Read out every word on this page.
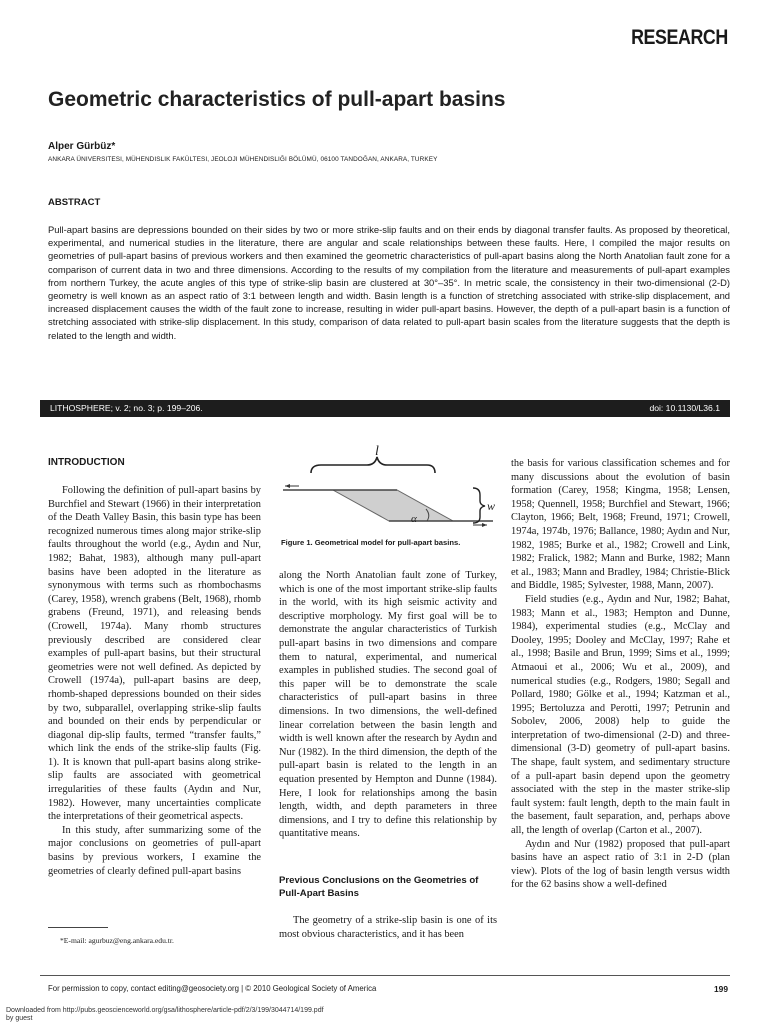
RESEARCH
Geometric characteristics of pull-apart basins
Alper Gürbüz*
ANKARA ÜNIVERSITESI, MÜHENDISLIK FAKÜLTESI, JEOLOJI MÜHENDISLIĞI BÖLÜMÜ, 06100 TANDOĞAN, ANKARA, TURKEY
ABSTRACT
Pull-apart basins are depressions bounded on their sides by two or more strike-slip faults and on their ends by diagonal transfer faults. As proposed by theoretical, experimental, and numerical studies in the literature, there are angular and scale relationships between these faults. Here, I compiled the major results on geometries of pull-apart basins of previous workers and then examined the geometric characteristics of pull-apart basins along the North Anatolian fault zone for a comparison of current data in two and three dimensions. According to the results of my compilation from the literature and measurements of pull-apart examples from northern Turkey, the acute angles of this type of strike-slip basin are clustered at 30°–35°. In metric scale, the consistency in their two-dimensional (2-D) geometry is well known as an aspect ratio of 3:1 between length and width. Basin length is a function of stretching associated with strike-slip displacement, and increased displacement causes the width of the fault zone to increase, resulting in wider pull-apart basins. However, the depth of a pull-apart basin is a function of stretching associated with strike-slip displacement. In this study, comparison of data related to pull-apart basin scales from the literature suggests that the depth is related to the length and width.
LITHOSPHERE; v. 2; no. 3; p. 199–206.	doi: 10.1130/L36.1
INTRODUCTION

Following the definition of pull-apart basins by Burchfiel and Stewart (1966) in their interpretation of the Death Valley Basin, this basin type has been recognized numerous times along major strike-slip faults throughout the world (e.g., Aydın and Nur, 1982; Bahat, 1983), although many pull-apart basins have been adopted in the literature as synonymous with terms such as rhombochasms (Carey, 1958), wrench grabens (Belt, 1968), rhomb grabens (Freund, 1971), and releasing bends (Crowell, 1974a). Many rhomb structures previously described are considered clear examples of pull-apart basins, but their structural geometries were not well defined. As depicted by Crowell (1974a), pull-apart basins are deep, rhomb-shaped depressions bounded on their sides by two, subparallel, overlapping strike-slip faults and bounded on their ends by perpendicular or diagonal dip-slip faults, termed “transfer faults,” which link the ends of the strike-slip faults (Fig. 1). It is known that pull-apart basins along strike-slip faults are associated with geometrical irregularities of these faults (Aydın and Nur, 1982). However, many uncertainties complicate the interpretations of their geometrical aspects.

In this study, after summarizing some of the major conclusions on geometries of pull-apart basins by previous workers, I examine the geometries of clearly defined pull-apart basins

l
w
α
Figure 1. Geometrical model for pull-apart basins.

along the North Anatolian fault zone of Turkey, which is one of the most important strike-slip faults in the world, with its high seismic activity and descriptive morphology. My first goal will be to demonstrate the angular characteristics of Turkish pull-apart basins in two dimensions and compare them to natural, experimental, and numerical examples in published studies. The second goal of this paper will be to demonstrate the scale characteristics of pull-apart basins in three dimensions. In two dimensions, the well-defined linear correlation between the basin length and width is well known after the research by Aydın and Nur (1982). In the third dimension, the depth of the pull-apart basin is related to the length in an equation presented by Hempton and Dunne (1984). Here, I look for relationships among the basin length, width, and depth parameters in three dimensions, and I try to define this relationship by quantitative means.

Previous Conclusions on the Geometries of Pull-Apart Basins

The geometry of a strike-slip basin is one of its most obvious characteristics, and it has been

the basis for various classification schemes and for many discussions about the evolution of basin formation (Carey, 1958; Kingma, 1958; Lensen, 1958; Quennell, 1958; Burchfiel and Stewart, 1966; Clayton, 1966; Belt, 1968; Freund, 1971; Crowell, 1974a, 1974b, 1976; Ballance, 1980; Aydın and Nur, 1982, 1985; Burke et al., 1982; Crowell and Link, 1982; Fralick, 1982; Mann and Burke, 1982; Mann et al., 1983; Mann and Bradley, 1984; Christie-Blick and Biddle, 1985; Sylvester, 1988, Mann, 2007).

Field studies (e.g., Aydın and Nur, 1982; Bahat, 1983; Mann et al., 1983; Hempton and Dunne, 1984), experimental studies (e.g., McClay and Dooley, 1995; Dooley and McClay, 1997; Rahe et al., 1998; Basile and Brun, 1999; Sims et al., 1999; Atmaoui et al., 2006; Wu et al., 2009), and numerical studies (e.g., Rodgers, 1980; Segall and Pollard, 1980; Gölke et al., 1994; Katzman et al., 1995; Bertoluzza and Perotti, 1997; Petrunin and Sobolev, 2006, 2008) help to guide the interpretation of two-dimensional (2-D) and three-dimensional (3-D) geometry of pull-apart basins. The shape, fault system, and sedimentary structure of a pull-apart basin depend upon the geometry associated with the step in the master strike-slip fault system: fault length, depth to the main fault in the basement, fault separation, and, perhaps above all, the length of overlap (Carton et al., 2007).

Aydın and Nur (1982) proposed that pull-apart basins have an aspect ratio of 3:1 in 2-D (plan view). Plots of the log of basin length versus width for the 62 basins show a well-defined

*E-mail: agurbuz@eng.ankara.edu.tr.
For permission to copy, contact editing@geosociety.org | © 2010 Geological Society of America	199
Downloaded from http://pubs.geoscienceworld.org/gsa/lithosphere/article-pdf/2/3/199/3044714/199.pdf
by guest
